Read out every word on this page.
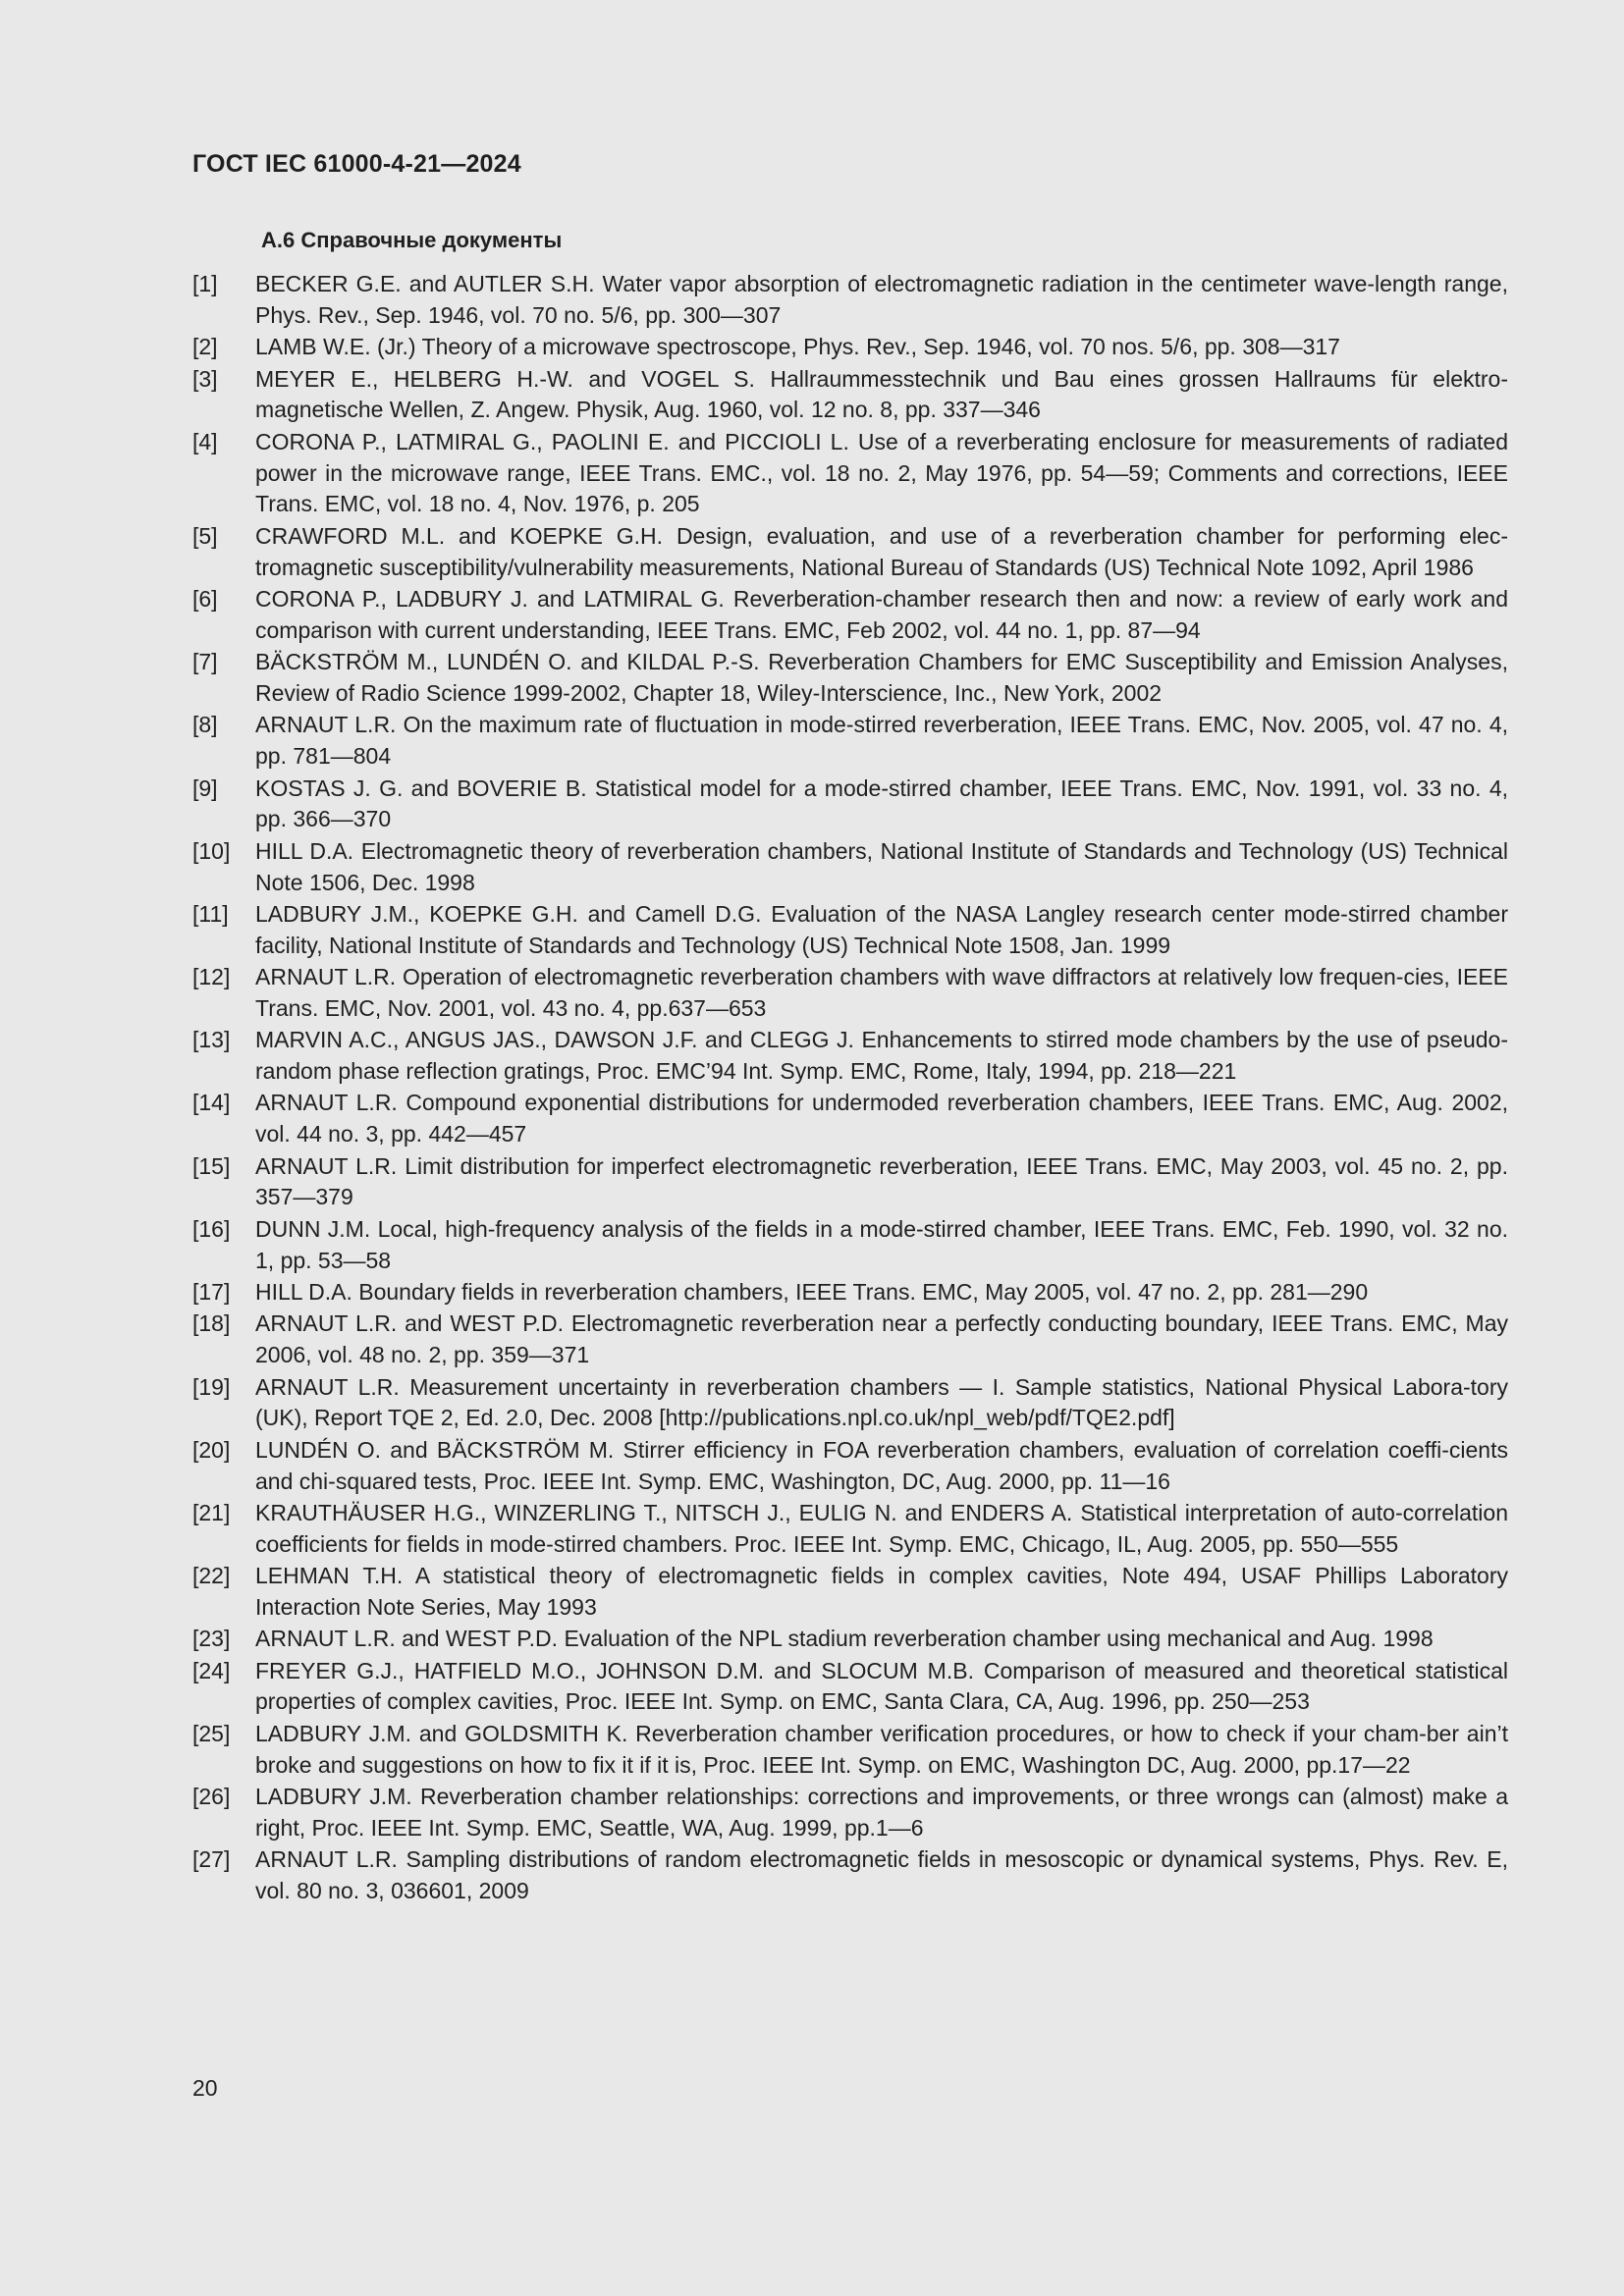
ГОСТ IEC 61000-4-21—2024
А.6 Справочные документы
[1]	BECKER G.E. and AUTLER S.H. Water vapor absorption of electromagnetic radiation in the centimeter wave-length range, Phys. Rev., Sep. 1946, vol. 70 no. 5/6, pp. 300—307
[2]	LAMB W.E. (Jr.) Theory of a microwave spectroscope, Phys. Rev., Sep. 1946, vol. 70 nos. 5/6, pp. 308—317
[3]	MEYER E., HELBERG H.-W. and VOGEL S. Hallraummesstechnik und Bau eines grossen Hallraums für elektro-magnetische Wellen, Z. Angew. Physik, Aug. 1960, vol. 12 no. 8, pp. 337—346
[4]	CORONA P., LATMIRAL G., PAOLINI E. and PICCIOLI L. Use of a reverberating enclosure for measurements of radiated power in the microwave range, IEEE Trans. EMC., vol. 18 no. 2, May 1976, pp. 54—59; Comments and corrections, IEEE Trans. EMC, vol. 18 no. 4, Nov. 1976, p. 205
[5]	CRAWFORD M.L. and KOEPKE G.H. Design, evaluation, and use of a reverberation chamber for performing elec-tromagnetic susceptibility/vulnerability measurements, National Bureau of Standards (US) Technical Note 1092, April 1986
[6]	CORONA P., LADBURY J. and LATMIRAL G. Reverberation-chamber research then and now: a review of early work and comparison with current understanding, IEEE Trans. EMC, Feb 2002, vol. 44 no. 1, pp. 87—94
[7]	BÄCKSTRÖM M., LUNDÉN O. and KILDAL P.-S. Reverberation Chambers for EMC Susceptibility and Emission Analyses, Review of Radio Science 1999-2002, Chapter 18, Wiley-Interscience, Inc., New York, 2002
[8]	ARNAUT L.R. On the maximum rate of fluctuation in mode-stirred reverberation, IEEE Trans. EMC, Nov. 2005, vol. 47 no. 4, pp. 781—804
[9]	KOSTAS J. G. and BOVERIE B. Statistical model for a mode-stirred chamber, IEEE Trans. EMC, Nov. 1991, vol. 33 no. 4, pp. 366—370
[10]	HILL D.A. Electromagnetic theory of reverberation chambers, National Institute of Standards and Technology (US) Technical Note 1506, Dec. 1998
[11]	LADBURY J.M., KOEPKE G.H. and Camell D.G. Evaluation of the NASA Langley research center mode-stirred chamber facility, National Institute of Standards and Technology (US) Technical Note 1508, Jan. 1999
[12]	ARNAUT L.R. Operation of electromagnetic reverberation chambers with wave diffractors at relatively low frequen-cies, IEEE Trans. EMC, Nov. 2001, vol. 43 no. 4, pp.637—653
[13]	MARVIN A.C., ANGUS JAS., DAWSON J.F. and CLEGG J. Enhancements to stirred mode chambers by the use of pseudo-random phase reflection gratings, Proc. EMC’94 Int. Symp. EMC, Rome, Italy, 1994, pp. 218—221
[14]	ARNAUT L.R. Compound exponential distributions for undermoded reverberation chambers, IEEE Trans. EMC, Aug. 2002, vol. 44 no. 3, pp. 442—457
[15]	ARNAUT L.R. Limit distribution for imperfect electromagnetic reverberation, IEEE Trans. EMC, May 2003, vol. 45 no. 2, pp. 357—379
[16]	DUNN J.M. Local, high-frequency analysis of the fields in a mode-stirred chamber, IEEE Trans. EMC, Feb. 1990, vol. 32 no. 1, pp. 53—58
[17]	HILL D.A. Boundary fields in reverberation chambers, IEEE Trans. EMC, May 2005, vol. 47 no. 2, pp. 281—290
[18]	ARNAUT L.R. and WEST P.D. Electromagnetic reverberation near a perfectly conducting boundary, IEEE Trans. EMC, May 2006, vol. 48 no. 2, pp. 359—371
[19]	ARNAUT L.R. Measurement uncertainty in reverberation chambers — I. Sample statistics, National Physical Labora-tory (UK), Report TQE 2, Ed. 2.0, Dec. 2008 [http://publications.npl.co.uk/npl_web/pdf/TQE2.pdf]
[20]	LUNDÉN O. and BÄCKSTRÖM M. Stirrer efficiency in FOA reverberation chambers, evaluation of correlation coeffi-cients and chi-squared tests, Proc. IEEE Int. Symp. EMC, Washington, DC, Aug. 2000, pp. 11—16
[21]	KRAUTHÄUSER H.G., WINZERLING T., NITSCH J., EULIG N. and ENDERS A. Statistical interpretation of auto-correlation coefficients for fields in mode-stirred chambers. Proc. IEEE Int. Symp. EMC, Chicago, IL, Aug. 2005, pp. 550—555
[22]	LEHMAN T.H. A statistical theory of electromagnetic fields in complex cavities, Note 494, USAF Phillips Laboratory Interaction Note Series, May 1993
[23]	ARNAUT L.R. and WEST P.D. Evaluation of the NPL stadium reverberation chamber using mechanical and Aug. 1998
[24]	FREYER G.J., HATFIELD M.O., JOHNSON D.M. and SLOCUM M.B. Comparison of measured and theoretical statistical properties of complex cavities, Proc. IEEE Int. Symp. on EMC, Santa Clara, CA, Aug. 1996, pp. 250—253
[25]	LADBURY J.M. and GOLDSMITH K. Reverberation chamber verification procedures, or how to check if your cham-ber ain’t broke and suggestions on how to fix it if it is, Proc. IEEE Int. Symp. on EMC, Washington DC, Aug. 2000, pp.17—22
[26]	LADBURY J.M. Reverberation chamber relationships: corrections and improvements, or three wrongs can (almost) make a right, Proc. IEEE Int. Symp. EMC, Seattle, WA, Aug. 1999, pp.1—6
[27]	ARNAUT L.R. Sampling distributions of random electromagnetic fields in mesoscopic or dynamical systems, Phys. Rev. E, vol. 80 no. 3, 036601, 2009
20
